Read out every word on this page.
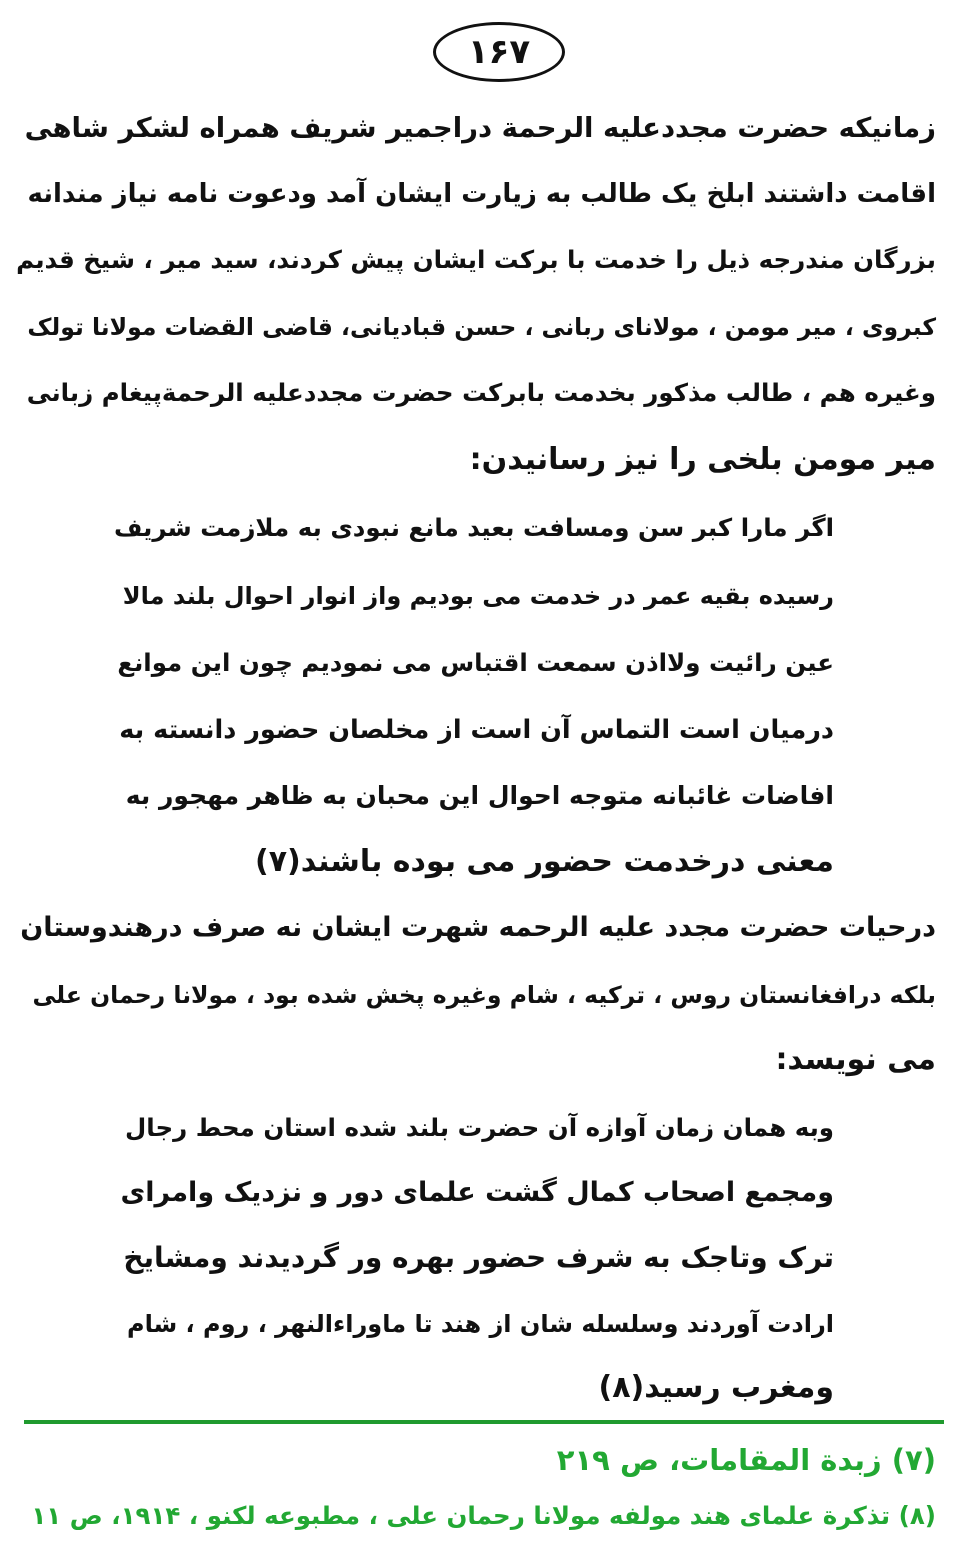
۱۶۷
زمانیکه حضرت مجددعلیه الرحمة دراجمیر شریف همراه لشکر شاهی
اقامت داشتند ابلخ یک طالب به زیارت ایشان آمد ودعوت نامه نیاز مندانه
بزرگان مندرجه ذیل را خدمت با برکت ایشان پیش کردند، سید میر ، شیخ قدیم
کبروی ، میر مومن ، مولانای ربانی ، حسن قبادیانی، قاضی القضات مولانا تولک
وغیره هم ، طالب مذکور بخدمت بابرکت حضرت مجددعلیه الرحمةپیغام زبانی
میر مومن بلخی را نیز رسانیدن:
اگر مارا کبر سن ومسافت بعید مانع نبودی به ملازمت شریف
رسیده بقیه عمر در خدمت می بودیم واز انوار احوال بلند مالا
عین رائیت ولااذن سمعت اقتباس می نمودیم چون این موانع
درمیان است التماس آن است از مخلصان حضور دانسته به
افاضات غائبانه متوجه احوال این محبان به ظاهر مهجور به
معنی درخدمت حضور می بوده باشند(۷)
درحیات حضرت مجدد علیه الرحمه شهرت ایشان نه صرف درهندوستان
بلکه درافغانستان روس ، ترکیه ، شام وغیره پخش شده بود ، مولانا رحمان علی
می نویسد:
وبه همان زمان آوازه آن حضرت بلند شده استان محط رجال
ومجمع اصحاب کمال گشت علمای دور و نزدیک وامرای
ترک وتاجک به شرف حضور بهره ور گردیدند ومشایخ
ارادت آوردند وسلسله شان از هند تا ماوراءالنهر ، روم ، شام
ومغرب رسید(۸)
(۷) زبدة المقامات، ص ۲۱۹
(۸) تذکرة علمای هند مولفه مولانا رحمان علی ، مطبوعه لکنو ، ۱۹۱۴، ص ۱۱
